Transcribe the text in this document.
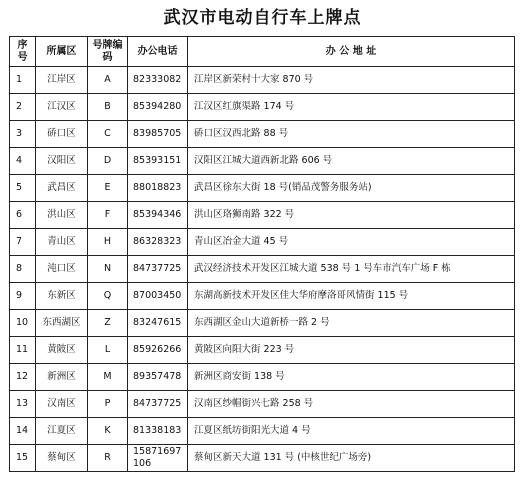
武汉市电动自行车上牌点
序号	所属区	号牌编码	办公电话	办 公 地 址
1	江岸区	A	82333082	江岸区新荣村十大家 870 号
2	江汉区	B	85394280	江汉区红旗渠路 174 号
3	硚口区	C	83985705	硚口区汉西北路 88 号
4	汉阳区	D	85393151	汉阳区江城大道西新北路 606 号
5	武昌区	E	88018823	武昌区徐东大街 18 号(销品茂警务服务站)
6	洪山区	F	85394346	洪山区珞狮南路 322 号
7	青山区	H	86328323	青山区冶金大道 45 号
8	沌口区	N	84737725	武汉经济技术开发区江城大道 538 号 1 号车市汽车广场 F 栋
9	东新区	Q	87003450	东湖高新技术开发区佳大华府摩洛哥风情街 115 号
10	东西湖区	Z	83247615	东西湖区金山大道新桥一路 2 号
11	黄陂区	L	85926266	黄陂区向阳大街 223 号
12	新洲区	M	89357478	新洲区商安街 138 号
13	汉南区	P	84737725	汉南区纱帽街兴七路 258 号
14	江夏区	K	81338183	江夏区纸坊街阳光大道 4 号
15	蔡甸区	R	15871697106	蔡甸区新天大道 131 号 (中核世纪广场旁)
